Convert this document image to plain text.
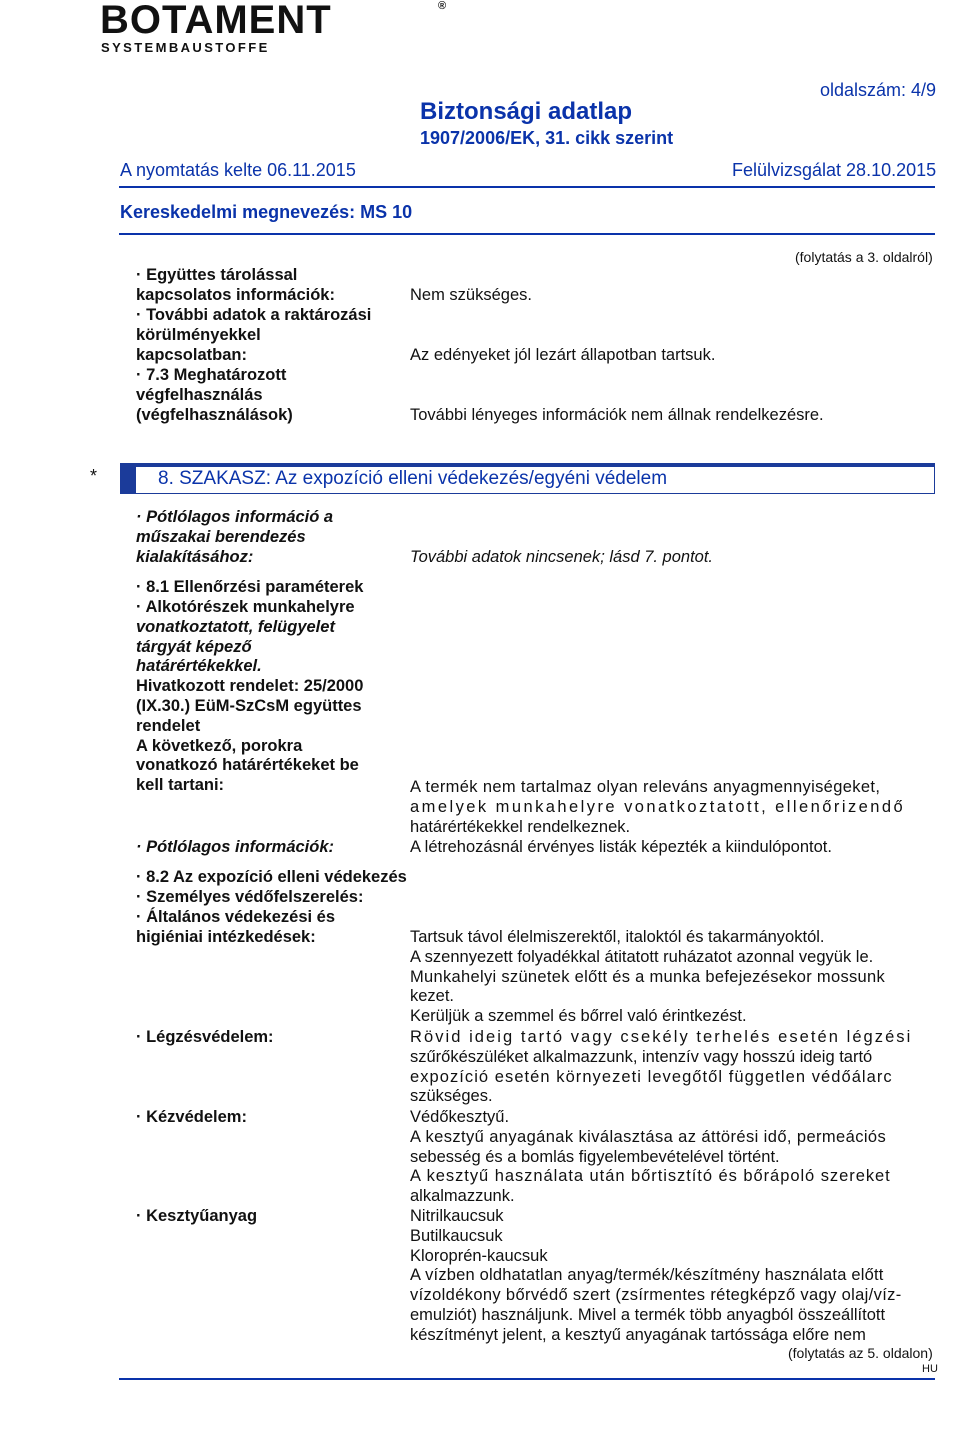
BOTAMENT	®
SYSTEMBAUSTOFFE
Biztonsági adatlap
1907/2006/EK, 31. cikk szerint
oldalszám: 4/9
A nyomtatás kelte 06.11.2015	Felülvizsgálat 28.10.2015
Kereskedelmi megnevezés: MS 10
(folytatás a 3. oldalról)
· Együttes tárolással
kapcsolatos információk:	Nem szükséges.
· További adatok a raktározási
körülményekkel
kapcsolatban:	Az edényeket jól lezárt állapotban tartsuk.
· 7.3 Meghatározott
végfelhasználás
(végfelhasználások)	További lényeges információk nem állnak rendelkezésre.
*	8. SZAKASZ: Az expozíció elleni védekezés/egyéni védelem
· Pótlólagos információ a
műszakai berendezés
kialakításához:	További adatok nincsenek; lásd 7. pontot.
· 8.1 Ellenőrzési paraméterek
· Alkotórészek munkahelyre
vonatkoztatott, felügyelet
tárgyát képező
határértékekkel.
Hivatkozott rendelet: 25/2000
(IX.30.) EüM-SzCsM együttes
rendelet
A következő, porokra
vonatkozó határértékeket be
kell tartani:	A termék nem tartalmaz olyan releváns anyagmennyiségeket,
amelyek munkahelyre vonatkoztatott, ellenőrizendő
határértékekkel rendelkeznek.
· Pótlólagos információk:	A létrehozásnál érvényes listák képezték a kiindulópontot.
· 8.2 Az expozíció elleni védekezés
· Személyes védőfelszerelés:
· Általános védekezési és
higiéniai intézkedések:	Tartsuk távol élelmiszerektől, italoktól és takarmányoktól.
A szennyezett folyadékkal átitatott ruházatot azonnal vegyük le.
Munkahelyi szünetek előtt és a munka befejezésekor mossunk
kezet.
Kerüljük a szemmel és bőrrel való érintkezést.
· Légzésvédelem:	Rövid ideig tartó vagy csekély terhelés esetén légzési
szűrőkészüléket alkalmazzunk, intenzív vagy hosszú ideig tartó
expozíció esetén környezeti levegőtől független védőálarc
szükséges.
· Kézvédelem:	Védőkesztyű.
A kesztyű anyagának kiválasztása az áttörési idő, permeációs
sebesség és a bomlás figyelembevételével történt.
A kesztyű használata után bőrtisztító és bőrápoló szereket
alkalmazzunk.
· Kesztyűanyag	Nitrilkaucsuk
Butilkaucsuk
Kloroprén-kaucsuk
A vízben oldhatatlan anyag/termék/készítmény használata előtt
vízoldékony bőrvédő szert (zsírmentes rétegképző vagy olaj/víz-
emulziót) használjunk. Mivel a termék több anyagból összeállított
készítményt jelent, a kesztyű anyagának tartóssága előre nem
(folytatás az 5. oldalon)
HU
